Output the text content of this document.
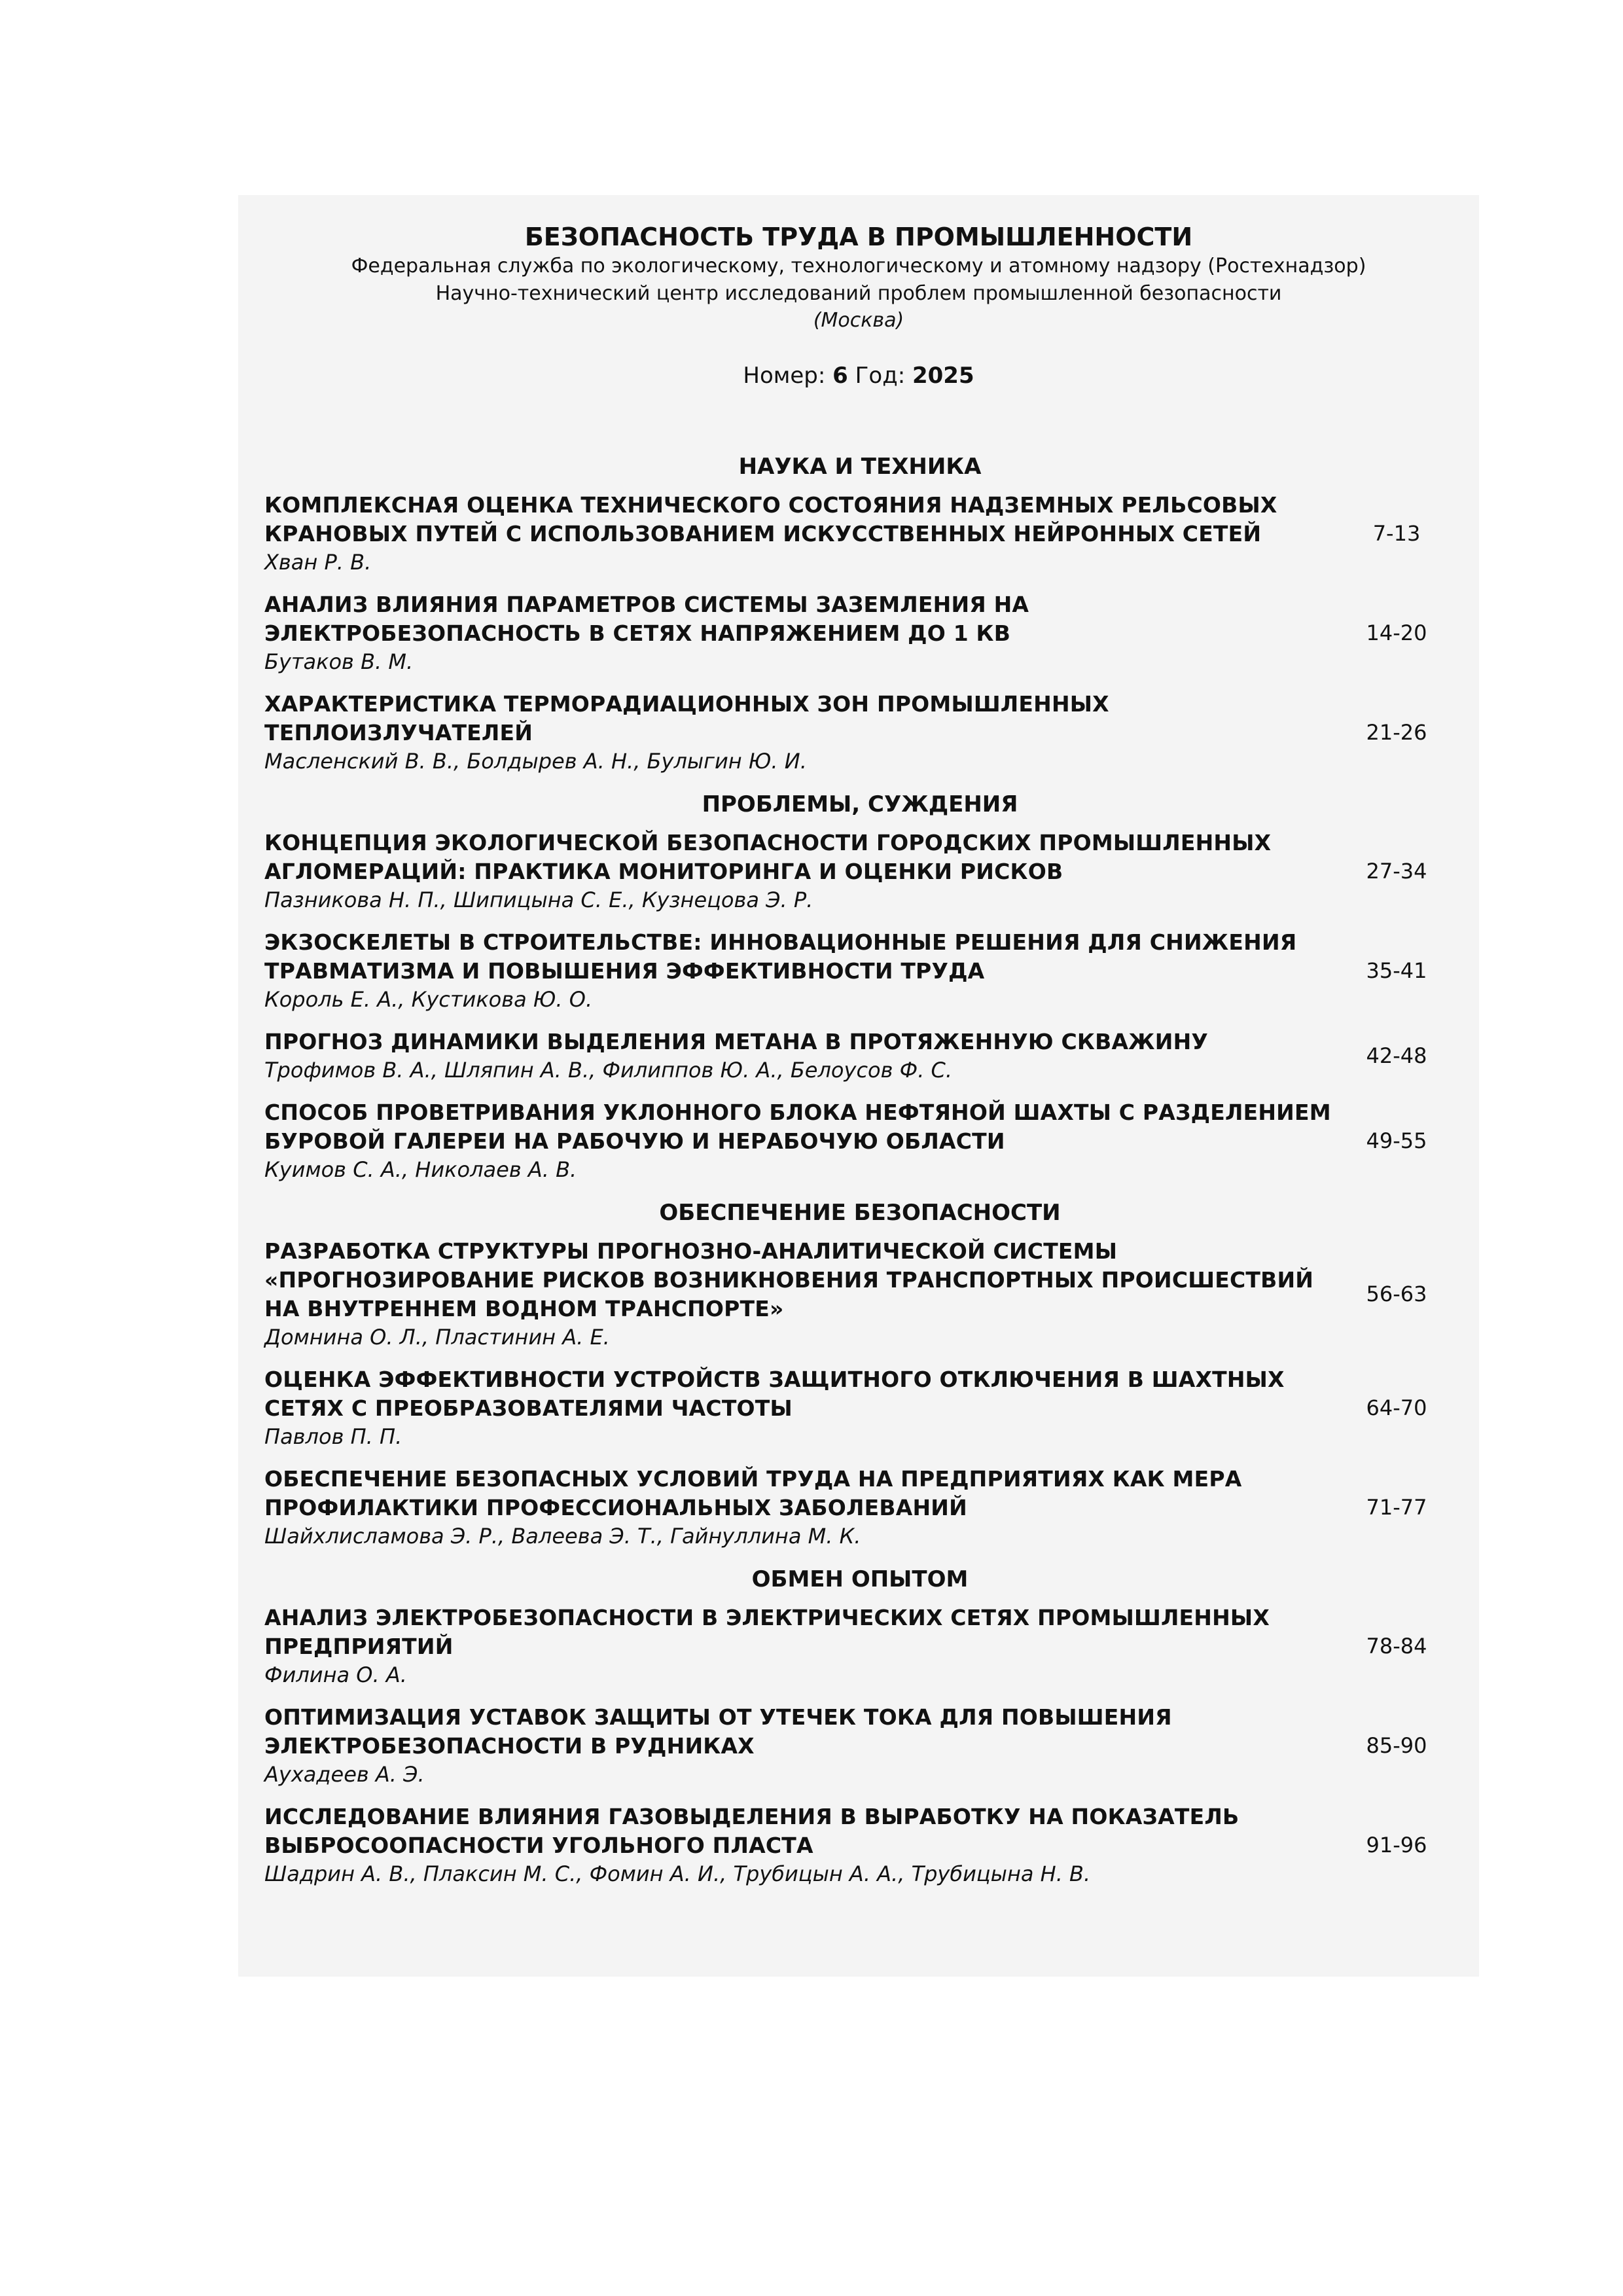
БЕЗОПАСНОСТЬ ТРУДА В ПРОМЫШЛЕННОСТИ
Федеральная служба по экологическому, технологическому и атомному надзору (Ростехнадзор)
Научно-технический центр исследований проблем промышленной безопасности
(Москва)
Номер: 6 Год: 2025
НАУКА И ТЕХНИКА
КОМПЛЕКСНАЯ ОЦЕНКА ТЕХНИЧЕСКОГО СОСТОЯНИЯ НАДЗЕМНЫХ РЕЛЬСОВЫХ КРАНОВЫХ ПУТЕЙ С ИСПОЛЬЗОВАНИЕМ ИСКУССТВЕННЫХ НЕЙРОННЫХ СЕТЕЙ
Хван Р. В.
7-13
АНАЛИЗ ВЛИЯНИЯ ПАРАМЕТРОВ СИСТЕМЫ ЗАЗЕМЛЕНИЯ НА ЭЛЕКТРОБЕЗОПАСНОСТЬ В СЕТЯХ НАПРЯЖЕНИЕМ ДО 1 КВ
Бутаков В. М.
14-20
ХАРАКТЕРИСТИКА ТЕРМОРАДИАЦИОННЫХ ЗОН ПРОМЫШЛЕННЫХ ТЕПЛОИЗЛУЧАТЕЛЕЙ
Масленский В. В., Болдырев А. Н., Булыгин Ю. И.
21-26
ПРОБЛЕМЫ, СУЖДЕНИЯ
КОНЦЕПЦИЯ ЭКОЛОГИЧЕСКОЙ БЕЗОПАСНОСТИ ГОРОДСКИХ ПРОМЫШЛЕННЫХ АГЛОМЕРАЦИЙ: ПРАКТИКА МОНИТОРИНГА И ОЦЕНКИ РИСКОВ
Пазникова Н. П., Шипицына С. Е., Кузнецова Э. Р.
27-34
ЭКЗОСКЕЛЕТЫ В СТРОИТЕЛЬСТВЕ: ИННОВАЦИОННЫЕ РЕШЕНИЯ ДЛЯ СНИЖЕНИЯ ТРАВМАТИЗМА И ПОВЫШЕНИЯ ЭФФЕКТИВНОСТИ ТРУДА
Король Е. А., Кустикова Ю. О.
35-41
ПРОГНОЗ ДИНАМИКИ ВЫДЕЛЕНИЯ МЕТАНА В ПРОТЯЖЕННУЮ СКВАЖИНУ
Трофимов В. А., Шляпин А. В., Филиппов Ю. А., Белоусов Ф. С.
42-48
СПОСОБ ПРОВЕТРИВАНИЯ УКЛОННОГО БЛОКА НЕФТЯНОЙ ШАХТЫ С РАЗДЕЛЕНИЕМ БУРОВОЙ ГАЛЕРЕИ НА РАБОЧУЮ И НЕРАБОЧУЮ ОБЛАСТИ
Куимов С. А., Николаев А. В.
49-55
ОБЕСПЕЧЕНИЕ БЕЗОПАСНОСТИ
РАЗРАБОТКА СТРУКТУРЫ ПРОГНОЗНО-АНАЛИТИЧЕСКОЙ СИСТЕМЫ «ПРОГНОЗИРОВАНИЕ РИСКОВ ВОЗНИКНОВЕНИЯ ТРАНСПОРТНЫХ ПРОИСШЕСТВИЙ НА ВНУТРЕННЕМ ВОДНОМ ТРАНСПОРТЕ»
Домнина О. Л., Пластинин А. Е.
56-63
ОЦЕНКА ЭФФЕКТИВНОСТИ УСТРОЙСТВ ЗАЩИТНОГО ОТКЛЮЧЕНИЯ В ШАХТНЫХ СЕТЯХ С ПРЕОБРАЗОВАТЕЛЯМИ ЧАСТОТЫ
Павлов П. П.
64-70
ОБЕСПЕЧЕНИЕ БЕЗОПАСНЫХ УСЛОВИЙ ТРУДА НА ПРЕДПРИЯТИЯХ КАК МЕРА ПРОФИЛАКТИКИ ПРОФЕССИОНАЛЬНЫХ ЗАБОЛЕВАНИЙ
Шайхлисламова Э. Р., Валеева Э. Т., Гайнуллина М. К.
71-77
ОБМЕН ОПЫТОМ
АНАЛИЗ ЭЛЕКТРОБЕЗОПАСНОСТИ В ЭЛЕКТРИЧЕСКИХ СЕТЯХ ПРОМЫШЛЕННЫХ ПРЕДПРИЯТИЙ
Филина О. А.
78-84
ОПТИМИЗАЦИЯ УСТАВОК ЗАЩИТЫ ОТ УТЕЧЕК ТОКА ДЛЯ ПОВЫШЕНИЯ ЭЛЕКТРОБЕЗОПАСНОСТИ В РУДНИКАХ
Аухадеев А. Э.
85-90
ИССЛЕДОВАНИЕ ВЛИЯНИЯ ГАЗОВЫДЕЛЕНИЯ В ВЫРАБОТКУ НА ПОКАЗАТЕЛЬ ВЫБРОСООПАСНОСТИ УГОЛЬНОГО ПЛАСТА
Шадрин А. В., Плаксин М. С., Фомин А. И., Трубицын А. А., Трубицына Н. В.
91-96
